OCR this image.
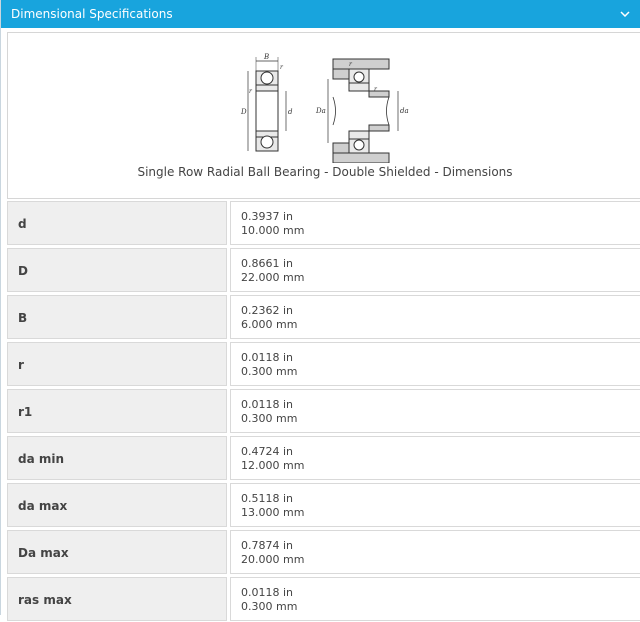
Dimensional Specifications
B
r
r
D	d
r
r
Da	da
Single Row Radial Ball Bearing - Double Shielded - Dimensions
d
0.3937 in
10.000 mm
D
0.8661 in
22.000 mm
B
0.2362 in
6.000 mm
r
0.0118 in
0.300 mm
r1
0.0118 in
0.300 mm
da min
0.4724 in
12.000 mm
da max
0.5118 in
13.000 mm
Da max
0.7874 in
20.000 mm
ras max
0.0118 in
0.300 mm
